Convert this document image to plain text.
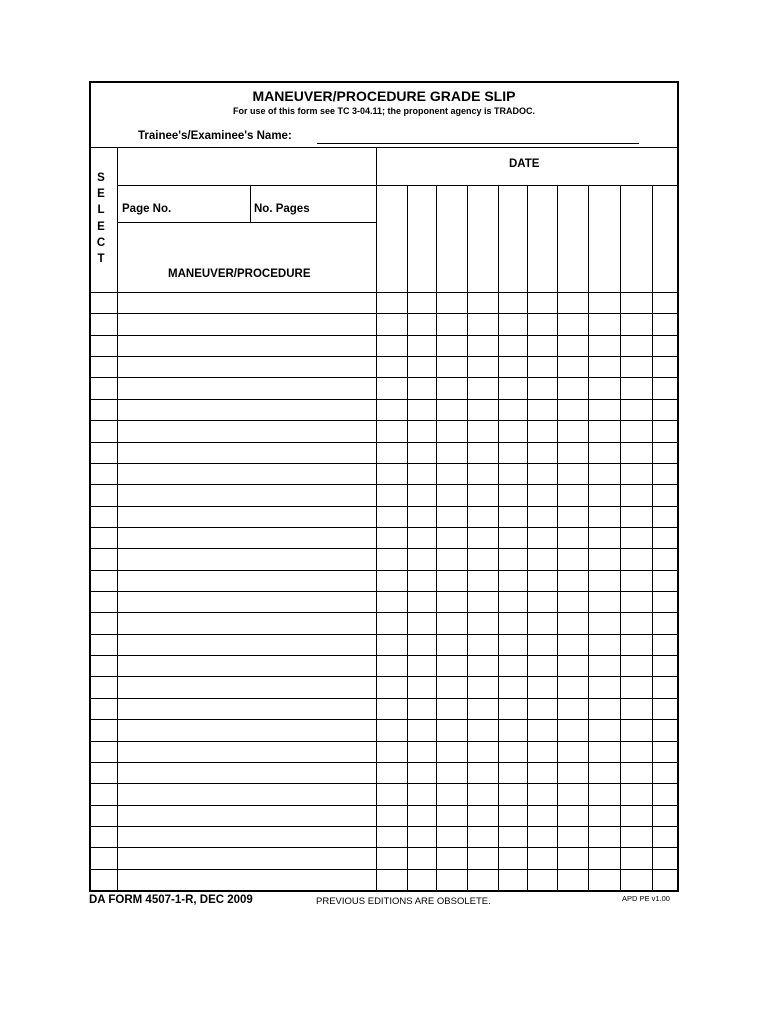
MANEUVER/PROCEDURE GRADE SLIP
For use of this form see TC 3-04.11; the proponent agency is TRADOC.
Trainee's/Examinee's Name:
S
E
L
E
C
T
DATE
Page No.	No. Pages
MANEUVER/PROCEDURE
DA FORM 4507-1-R, DEC 2009	PREVIOUS EDITIONS ARE OBSOLETE.	APD PE v1.00
